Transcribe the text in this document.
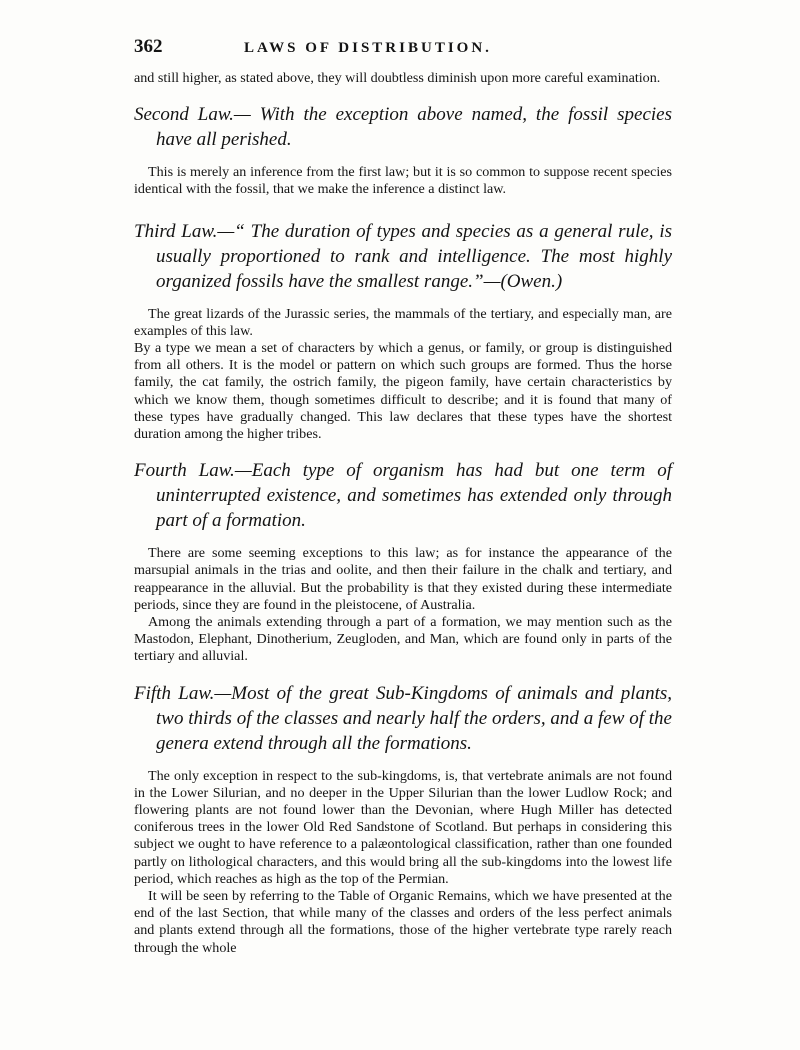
362	LAWS OF DISTRIBUTION.

and still higher, as stated above, they will doubtless diminish upon more careful examination.

Second Law.— With the exception above named, the fossil species have all perished.

This is merely an inference from the first law; but it is so common to suppose recent species identical with the fossil, that we make the inference a distinct law.

Third Law.—“ The duration of types and species as a general rule, is usually proportioned to rank and intelligence. The most highly organized fossils have the smallest range.”—(Owen.)

The great lizards of the Jurassic series, the mammals of the tertiary, and especially man, are examples of this law.

By a type we mean a set of characters by which a genus, or family, or group is distinguished from all others. It is the model or pattern on which such groups are formed. Thus the horse family, the cat family, the ostrich family, the pigeon family, have certain characteristics by which we know them, though sometimes difficult to describe; and it is found that many of these types have gradually changed. This law declares that these types have the shortest duration among the higher tribes.

Fourth Law.—Each type of organism has had but one term of uninterrupted existence, and sometimes has extended only through part of a formation.

There are some seeming exceptions to this law; as for instance the appearance of the marsupial animals in the trias and oolite, and then their failure in the chalk and tertiary, and reappearance in the alluvial. But the probability is that they existed during these intermediate periods, since they are found in the pleistocene, of Australia.

Among the animals extending through a part of a formation, we may mention such as the Mastodon, Elephant, Dinotherium, Zeugloden, and Man, which are found only in parts of the tertiary and alluvial.

Fifth Law.—Most of the great Sub-Kingdoms of animals and plants, two thirds of the classes and nearly half the orders, and a few of the genera extend through all the formations.

The only exception in respect to the sub-kingdoms, is, that vertebrate animals are not found in the Lower Silurian, and no deeper in the Upper Silurian than the lower Ludlow Rock; and flowering plants are not found lower than the Devonian, where Hugh Miller has detected coniferous trees in the lower Old Red Sandstone of Scotland. But perhaps in considering this subject we ought to have reference to a palæontological classification, rather than one founded partly on lithological characters, and this would bring all the sub-kingdoms into the lowest life period, which reaches as high as the top of the Permian.

It will be seen by referring to the Table of Organic Remains, which we have presented at the end of the last Section, that while many of the classes and orders of the less perfect animals and plants extend through all the formations, those of the higher vertebrate type rarely reach through the whole
